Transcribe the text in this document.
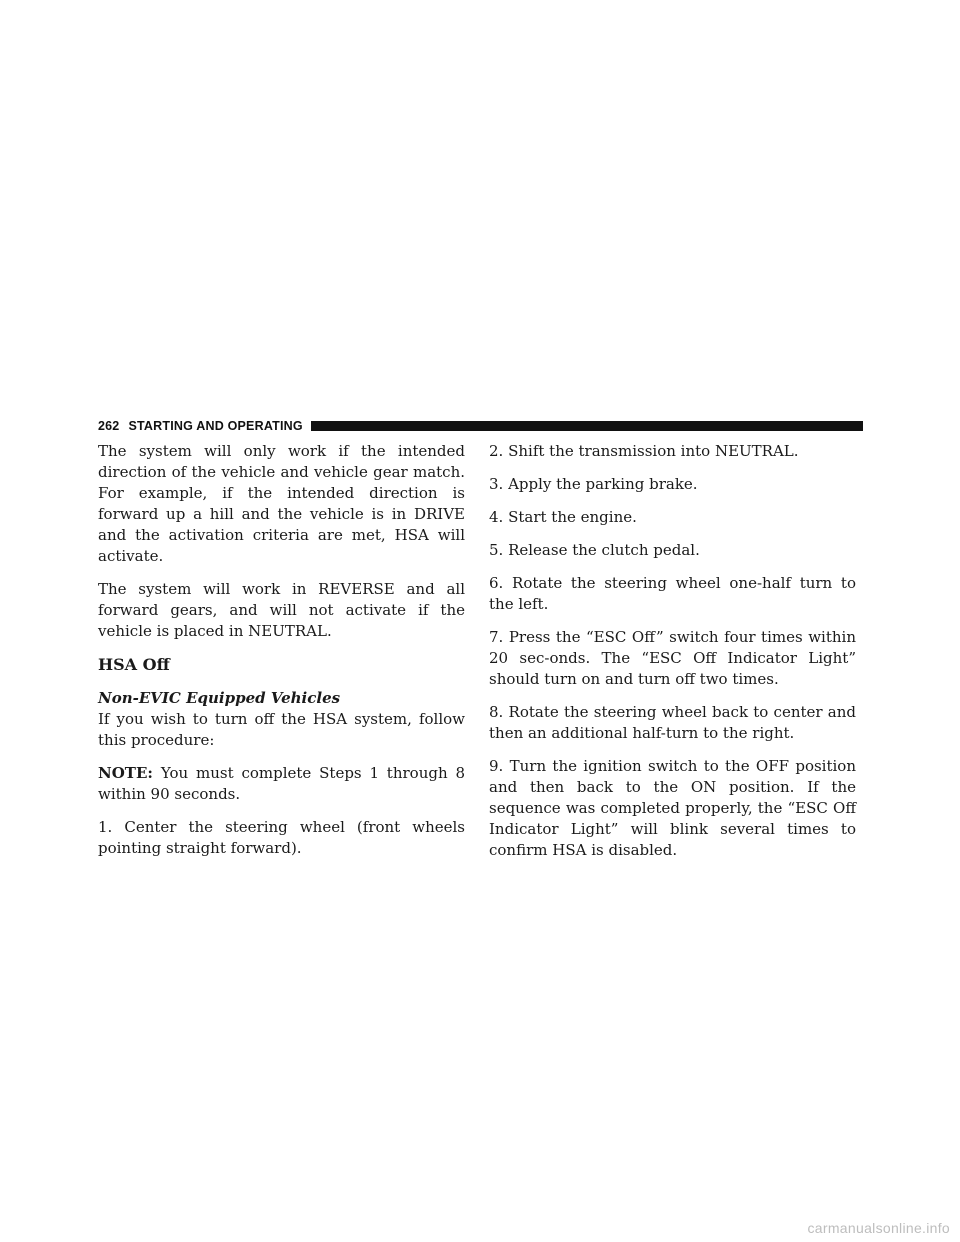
262 STARTING AND OPERATING

The system will only work if the intended direction of the vehicle and vehicle gear match. For example, if the intended direction is forward up a hill and the vehicle is in DRIVE and the activation criteria are met, HSA will activate.

The system will work in REVERSE and all forward gears, and will not activate if the vehicle is placed in NEUTRAL.

HSA Off
Non-EVIC Equipped Vehicles

If you wish to turn off the HSA system, follow this procedure:

NOTE: You must complete Steps 1 through 8 within 90 seconds.

1. Center the steering wheel (front wheels pointing straight forward).

2. Shift the transmission into NEUTRAL.

3. Apply the parking brake.

4. Start the engine.

5. Release the clutch pedal.

6. Rotate the steering wheel one-half turn to the left.

7. Press the “ESC Off” switch four times within 20 sec-onds. The “ESC Off Indicator Light” should turn on and turn off two times.

8. Rotate the steering wheel back to center and then an additional half-turn to the right.

9. Turn the ignition switch to the OFF position and then back to the ON position. If the sequence was completed properly, the “ESC Off Indicator Light” will blink several times to confirm HSA is disabled.

carmanualsonline.info
